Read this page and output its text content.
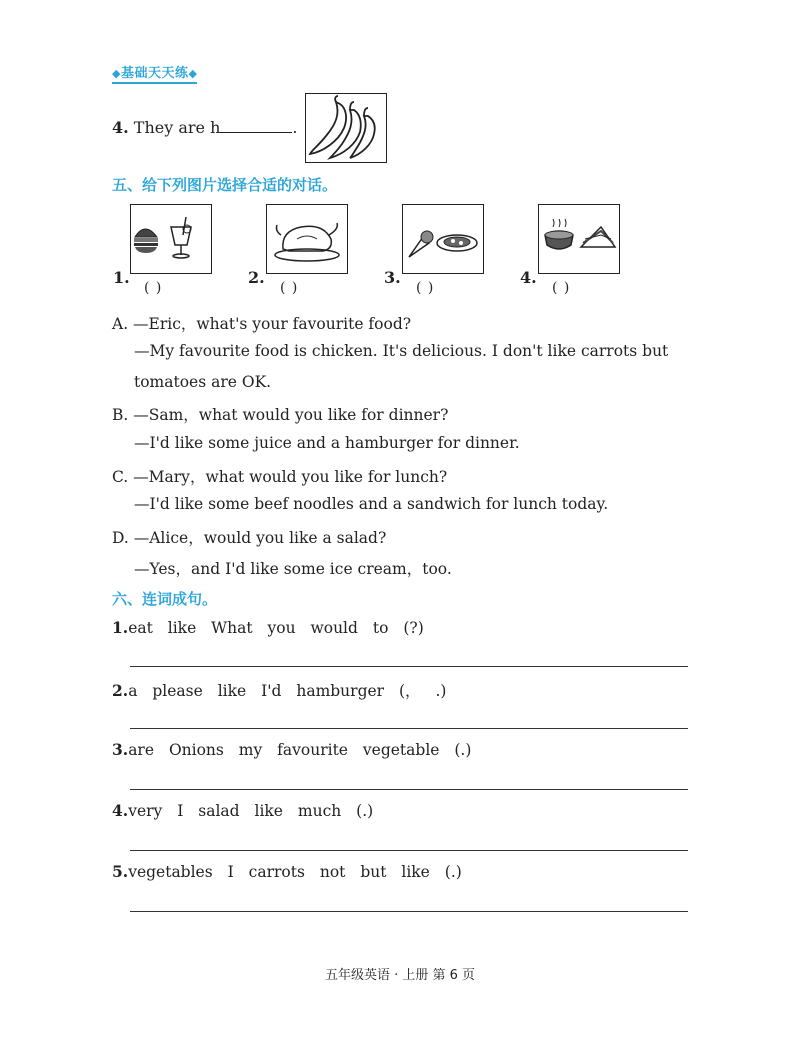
◆基础天天练◆
4. They are h	.
五、给下列图片选择合适的对话。
1.
( )
2.
( )
3.
( )
4.
( )
A. —Eric，what's your favourite food?
—My favourite food is chicken. It's delicious. I don't like carrots but
tomatoes are OK.
B. —Sam，what would you like for dinner?
—I'd like some juice and a hamburger for dinner.
C. —Mary，what would you like for lunch?
—I'd like some beef noodles and a sandwich for lunch today.
D. —Alice，would you like a salad?
—Yes，and I'd like some ice cream，too.
六、连词成句。
1.eat like What you would to (?)
2.a please like I'd hamburger (， .)
3.are Onions my favourite vegetable (.)
4.very I salad like much (.)
5.vegetables I carrots not but like (.)
五年级英语 · 上册 第 6 页
